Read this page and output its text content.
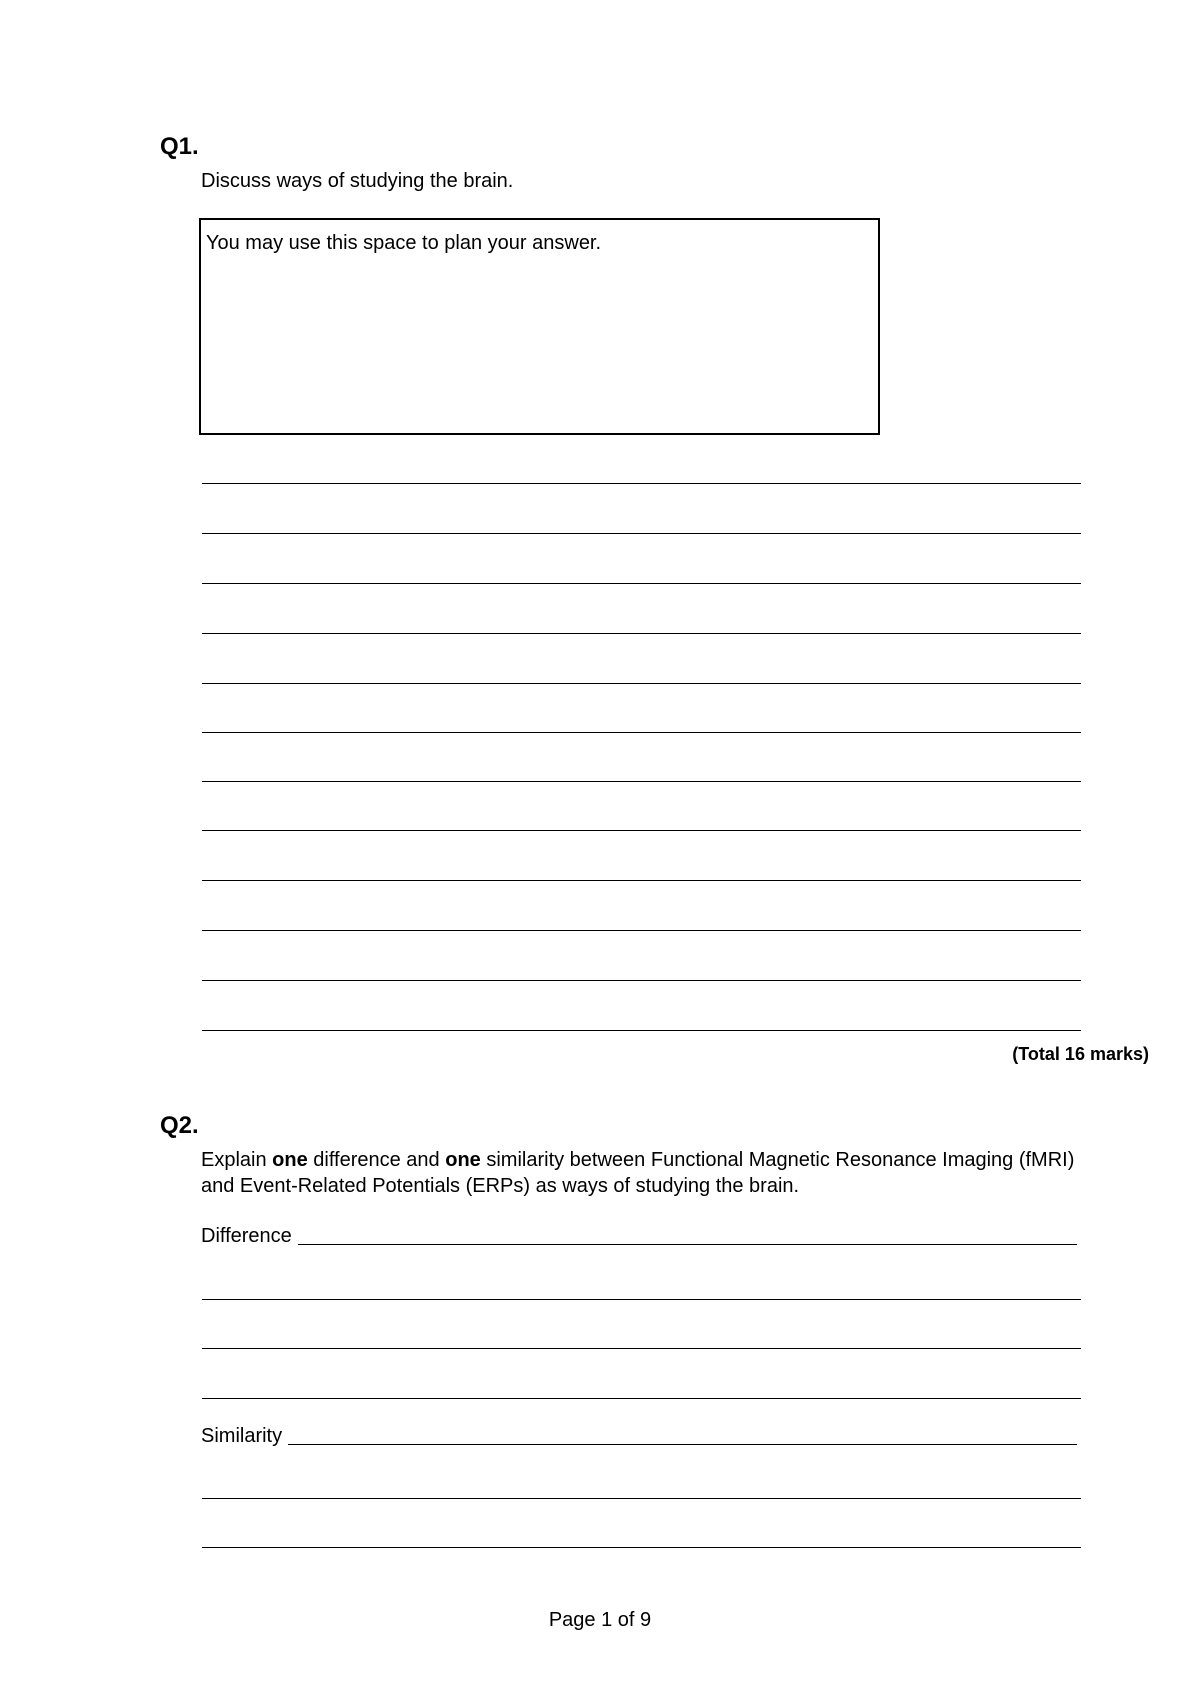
Q1.

Discuss ways of studying the brain.

You may use this space to plan your answer.

(Total 16 marks)

Q2.

Explain one difference and one similarity between Functional Magnetic Resonance Imaging (fMRI) and Event-Related Potentials (ERPs) as ways of studying the brain.

Difference
Similarity

Page 1 of 9
